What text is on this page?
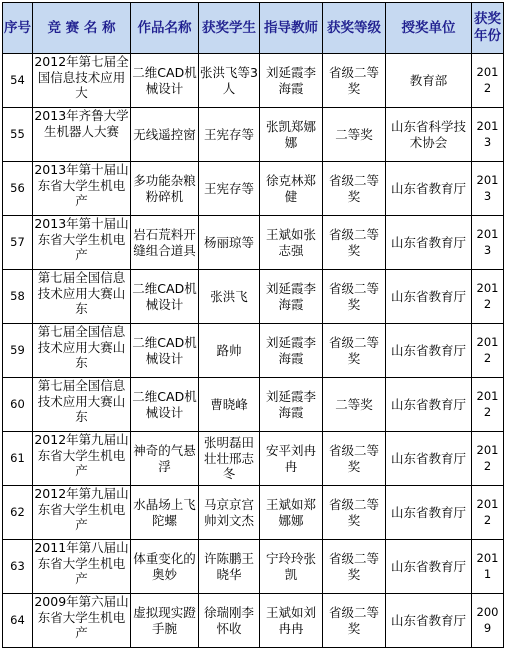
序号	竞 赛 名 称	作品名称	获奖学生	指导教师	获奖等级	授奖单位	获奖年份
54	2012年第七届全国信息技术应用大	二维CAD机械设计	张洪飞等3人	刘延霞李海霞	省级二等奖	教育部	2012
55	2013年齐鲁大学生机器人大赛	无线遥控窗	王宪存等	张凯郑娜娜	二等奖	山东省科学技术协会	2013
56	2013年第十届山东省大学生机电产	多功能杂粮粉碎机	王宪存等	徐克林郑健	省级二等奖	山东省教育厅	2013
57	2013年第十届山东省大学生机电产	岩石荒料开缝组合道具	杨丽琼等	王斌如张志强	省级二等奖	山东省教育厅	2013
58	第七届全国信息技术应用大赛山东	二维CAD机械设计	张洪飞	刘延霞李海霞	省级二等奖	山东省教育厅	2012
59	第七届全国信息技术应用大赛山东	二维CAD机械设计	路帅	刘延霞李海霞	省级二等奖	山东省教育厅	2012
60	第七届全国信息技术应用大赛山东	二维CAD机械设计	曹晓峰	刘延霞李海霞	二等奖	山东省教育厅	2012
61	2012年第九届山东省大学生机电产	神奇的气悬浮	张明磊田壮壮邢志冬	安平刘冉冉	省级二等奖	山东省教育厅	2012
62	2012年第九届山东省大学生机电产	水晶场上飞陀螺	马京京宫帅刘文杰	王斌如郑娜娜	省级二等奖	山东省教育厅	2012
63	2011年第八届山东省大学生机电产	体重变化的奥妙	许陈鹏王晓华	宁玲玲张凯	省级二等奖	山东省教育厅	2011
64	2009年第六届山东省大学生机电产	虚拟现实蹬手腕	徐瑞刚李怀收	王斌如刘冉冉	省级二等奖	山东省教育厅	2009
